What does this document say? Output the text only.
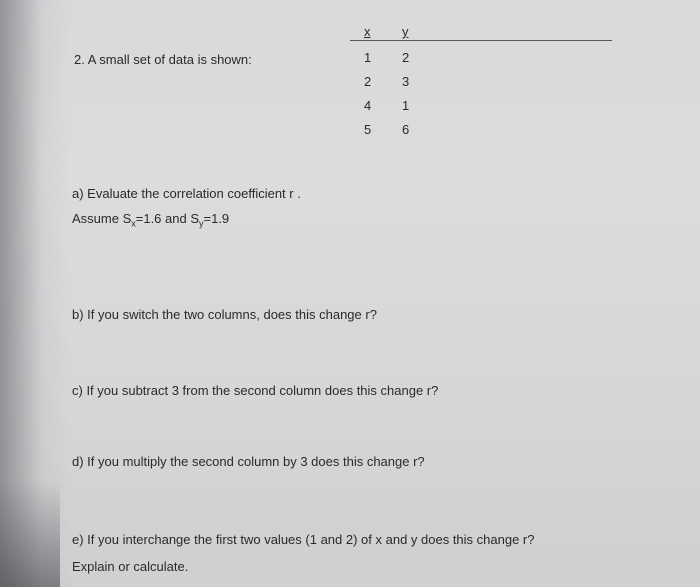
2. A small set of data is shown:
x y
1 2
2 3
4 1
5 6
a) Evaluate the correlation coefficient r .
Assume $S_x=1.6$ and $S_y=1.9$
b) If you switch the two columns, does this change r?
c) If you subtract 3 from the second column does this change r?
d) If you multiply the second column by 3 does this change r?
e) If you interchange the first two values (1 and 2) of x and y does this change r?
Explain or calculate.
